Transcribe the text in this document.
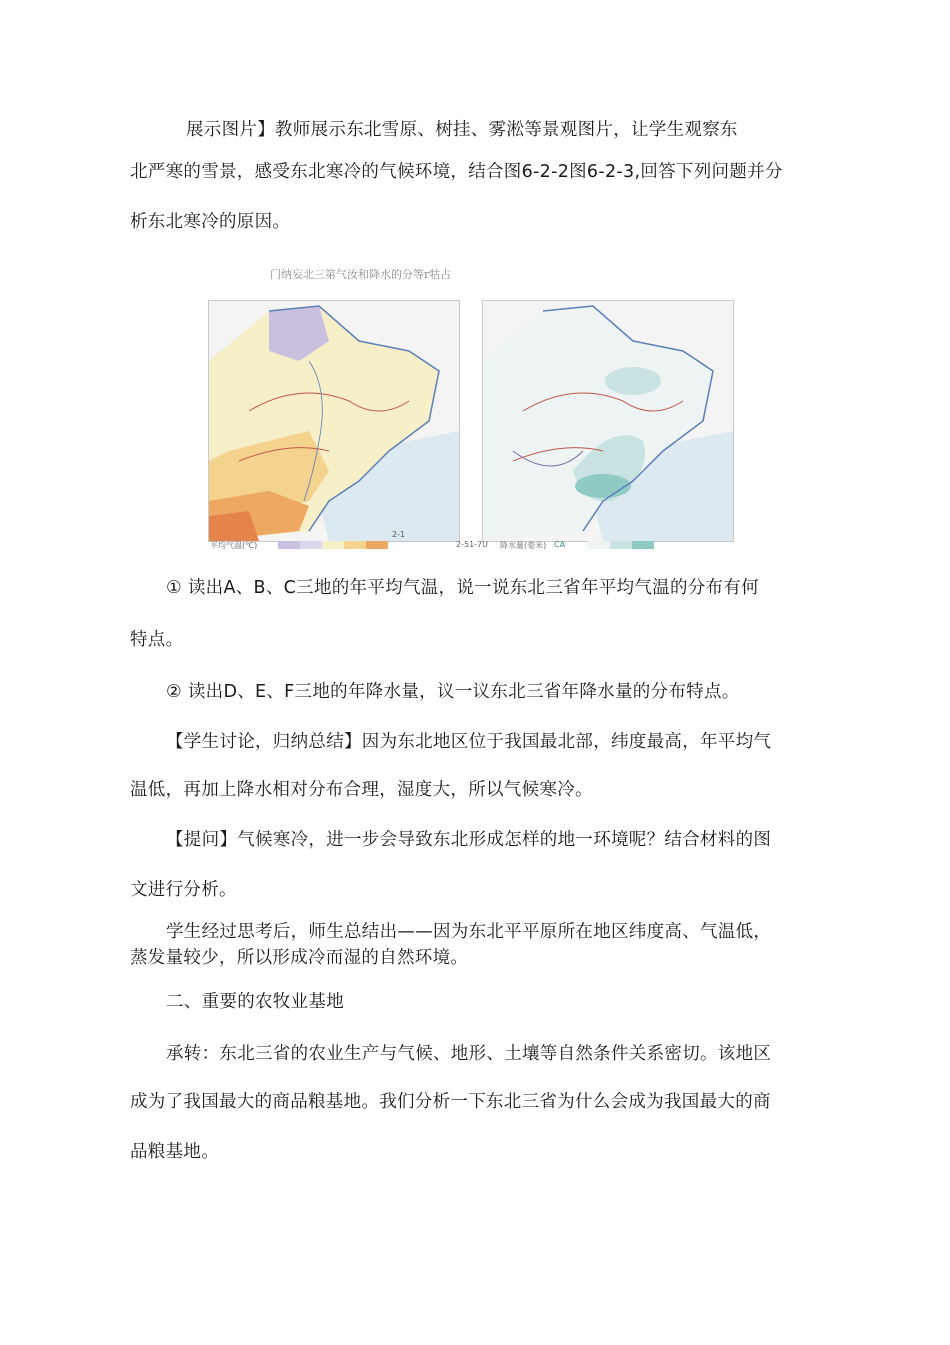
展示图片】教师展示东北雪原、树挂、雾淞等景观图片，让学生观察东
北严寒的雪景，感受东北寒冷的气候环境，结合图6-2-2图6-2-3,回答下列问题并分
析东北寒冷的原因。
门纳妄北三第气汝和降水的分等r牯占
2-1
平均气温(℃)	2-51-7U 降水量(毫米) CA
① 读出A、B、C三地的年平均气温，说一说东北三省年平均气温的分布有何
特点。
② 读出D、E、F三地的年降水量，议一议东北三省年降水量的分布特点。
【学生讨论，归纳总结】因为东北地区位于我国最北部，纬度最高，年平均气
温低，再加上降水相对分布合理，湿度大，所以气候寒冷。
【提问】气候寒冷，进一步会导致东北形成怎样的地一环境呢？结合材料的图
文进行分析。
学生经过思考后，师生总结出——因为东北平平原所在地区纬度高、气温低，
蒸发量较少，所以形成冷而湿的自然环境。
二、重要的农牧业基地
承转：东北三省的农业生产与气候、地形、土壤等自然条件关系密切。该地区
成为了我国最大的商品粮基地。我们分析一下东北三省为什么会成为我国最大的商
品粮基地。
